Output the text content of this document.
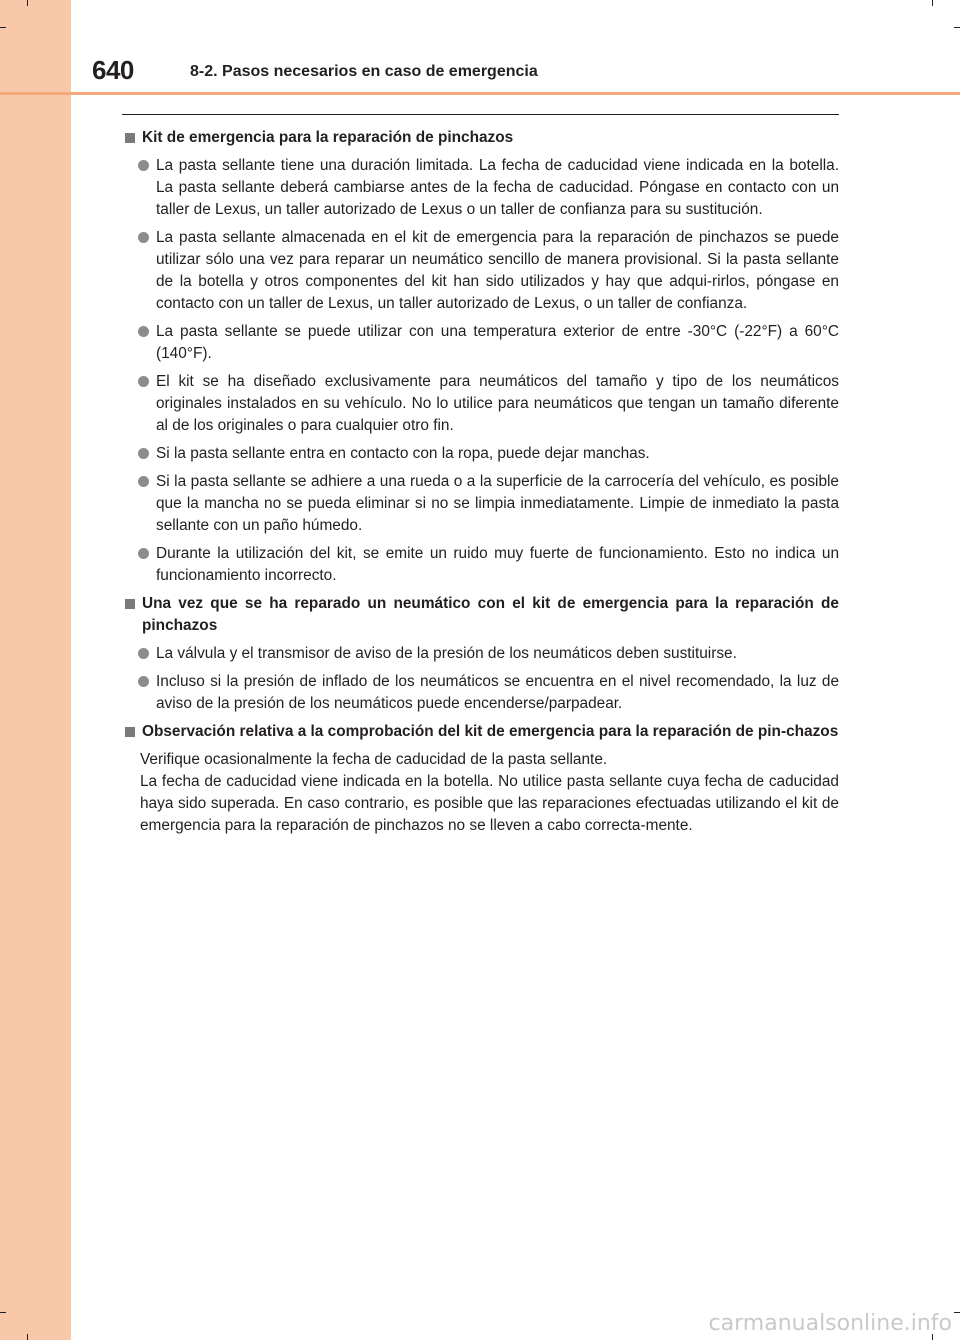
640	8-2. Pasos necesarios en caso de emergencia
Kit de emergencia para la reparación de pinchazos
La pasta sellante tiene una duración limitada. La fecha de caducidad viene indicada en la botella. La pasta sellante deberá cambiarse antes de la fecha de caducidad. Póngase en contacto con un taller de Lexus, un taller autorizado de Lexus o un taller de confianza para su sustitución.
La pasta sellante almacenada en el kit de emergencia para la reparación de pinchazos se puede utilizar sólo una vez para reparar un neumático sencillo de manera provisional. Si la pasta sellante de la botella y otros componentes del kit han sido utilizados y hay que adqui-rirlos, póngase en contacto con un taller de Lexus, un taller autorizado de Lexus, o un taller de confianza.
La pasta sellante se puede utilizar con una temperatura exterior de entre -30°C (-22°F) a 60°C (140°F).
El kit se ha diseñado exclusivamente para neumáticos del tamaño y tipo de los neumáticos originales instalados en su vehículo. No lo utilice para neumáticos que tengan un tamaño diferente al de los originales o para cualquier otro fin.
Si la pasta sellante entra en contacto con la ropa, puede dejar manchas.
Si la pasta sellante se adhiere a una rueda o a la superficie de la carrocería del vehículo, es posible que la mancha no se pueda eliminar si no se limpia inmediatamente. Limpie de inmediato la pasta sellante con un paño húmedo.
Durante la utilización del kit, se emite un ruido muy fuerte de funcionamiento. Esto no indica un funcionamiento incorrecto.
Una vez que se ha reparado un neumático con el kit de emergencia para la reparación de pinchazos
La válvula y el transmisor de aviso de la presión de los neumáticos deben sustituirse.
Incluso si la presión de inflado de los neumáticos se encuentra en el nivel recomendado, la luz de aviso de la presión de los neumáticos puede encenderse/parpadear.
Observación relativa a la comprobación del kit de emergencia para la reparación de pin-chazos

Verifique ocasionalmente la fecha de caducidad de la pasta sellante.

La fecha de caducidad viene indicada en la botella. No utilice pasta sellante cuya fecha de caducidad haya sido superada. En caso contrario, es posible que las reparaciones efectuadas utilizando el kit de emergencia para la reparación de pinchazos no se lleven a cabo correcta-mente.

carmanualsonline.info
